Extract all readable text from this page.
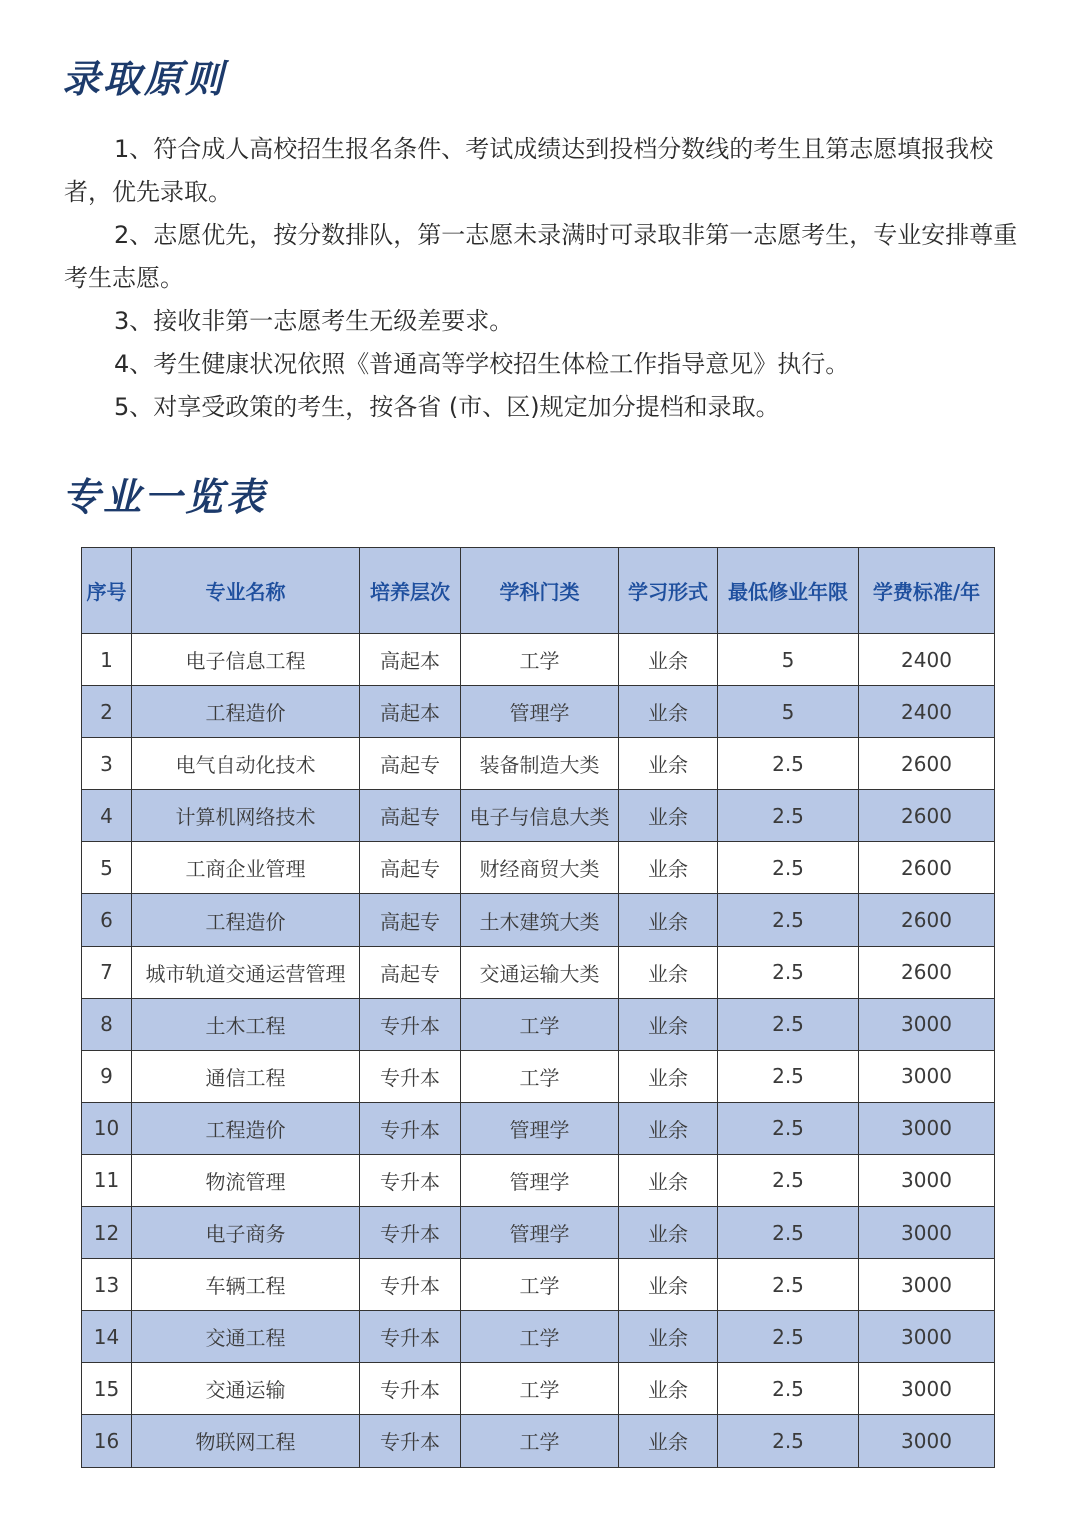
录取原则
1、符合成人高校招生报名条件、考试成绩达到投档分数线的考生且第志愿填报我校者，优先录取。
2、志愿优先，按分数排队，第一志愿未录满时可录取非第一志愿考生，专业安排尊重考生志愿。
3、接收非第一志愿考生无级差要求。
4、考生健康状况依照《普通高等学校招生体检工作指导意见》执行。
5、对享受政策的考生，按各省 (市、区)规定加分提档和录取。
专业一览表
序号	专业名称	培养层次	学科门类	学习形式	最低修业年限	学费标准/年
1	电子信息工程	高起本	工学	业余	5	2400
2	工程造价	高起本	管理学	业余	5	2400
3	电气自动化技术	高起专	装备制造大类	业余	2.5	2600
4	计算机网络技术	高起专	电子与信息大类	业余	2.5	2600
5	工商企业管理	高起专	财经商贸大类	业余	2.5	2600
6	工程造价	高起专	土木建筑大类	业余	2.5	2600
7	城市轨道交通运营管理	高起专	交通运输大类	业余	2.5	2600
8	土木工程	专升本	工学	业余	2.5	3000
9	通信工程	专升本	工学	业余	2.5	3000
10	工程造价	专升本	管理学	业余	2.5	3000
11	物流管理	专升本	管理学	业余	2.5	3000
12	电子商务	专升本	管理学	业余	2.5	3000
13	车辆工程	专升本	工学	业余	2.5	3000
14	交通工程	专升本	工学	业余	2.5	3000
15	交通运输	专升本	工学	业余	2.5	3000
16	物联网工程	专升本	工学	业余	2.5	3000
